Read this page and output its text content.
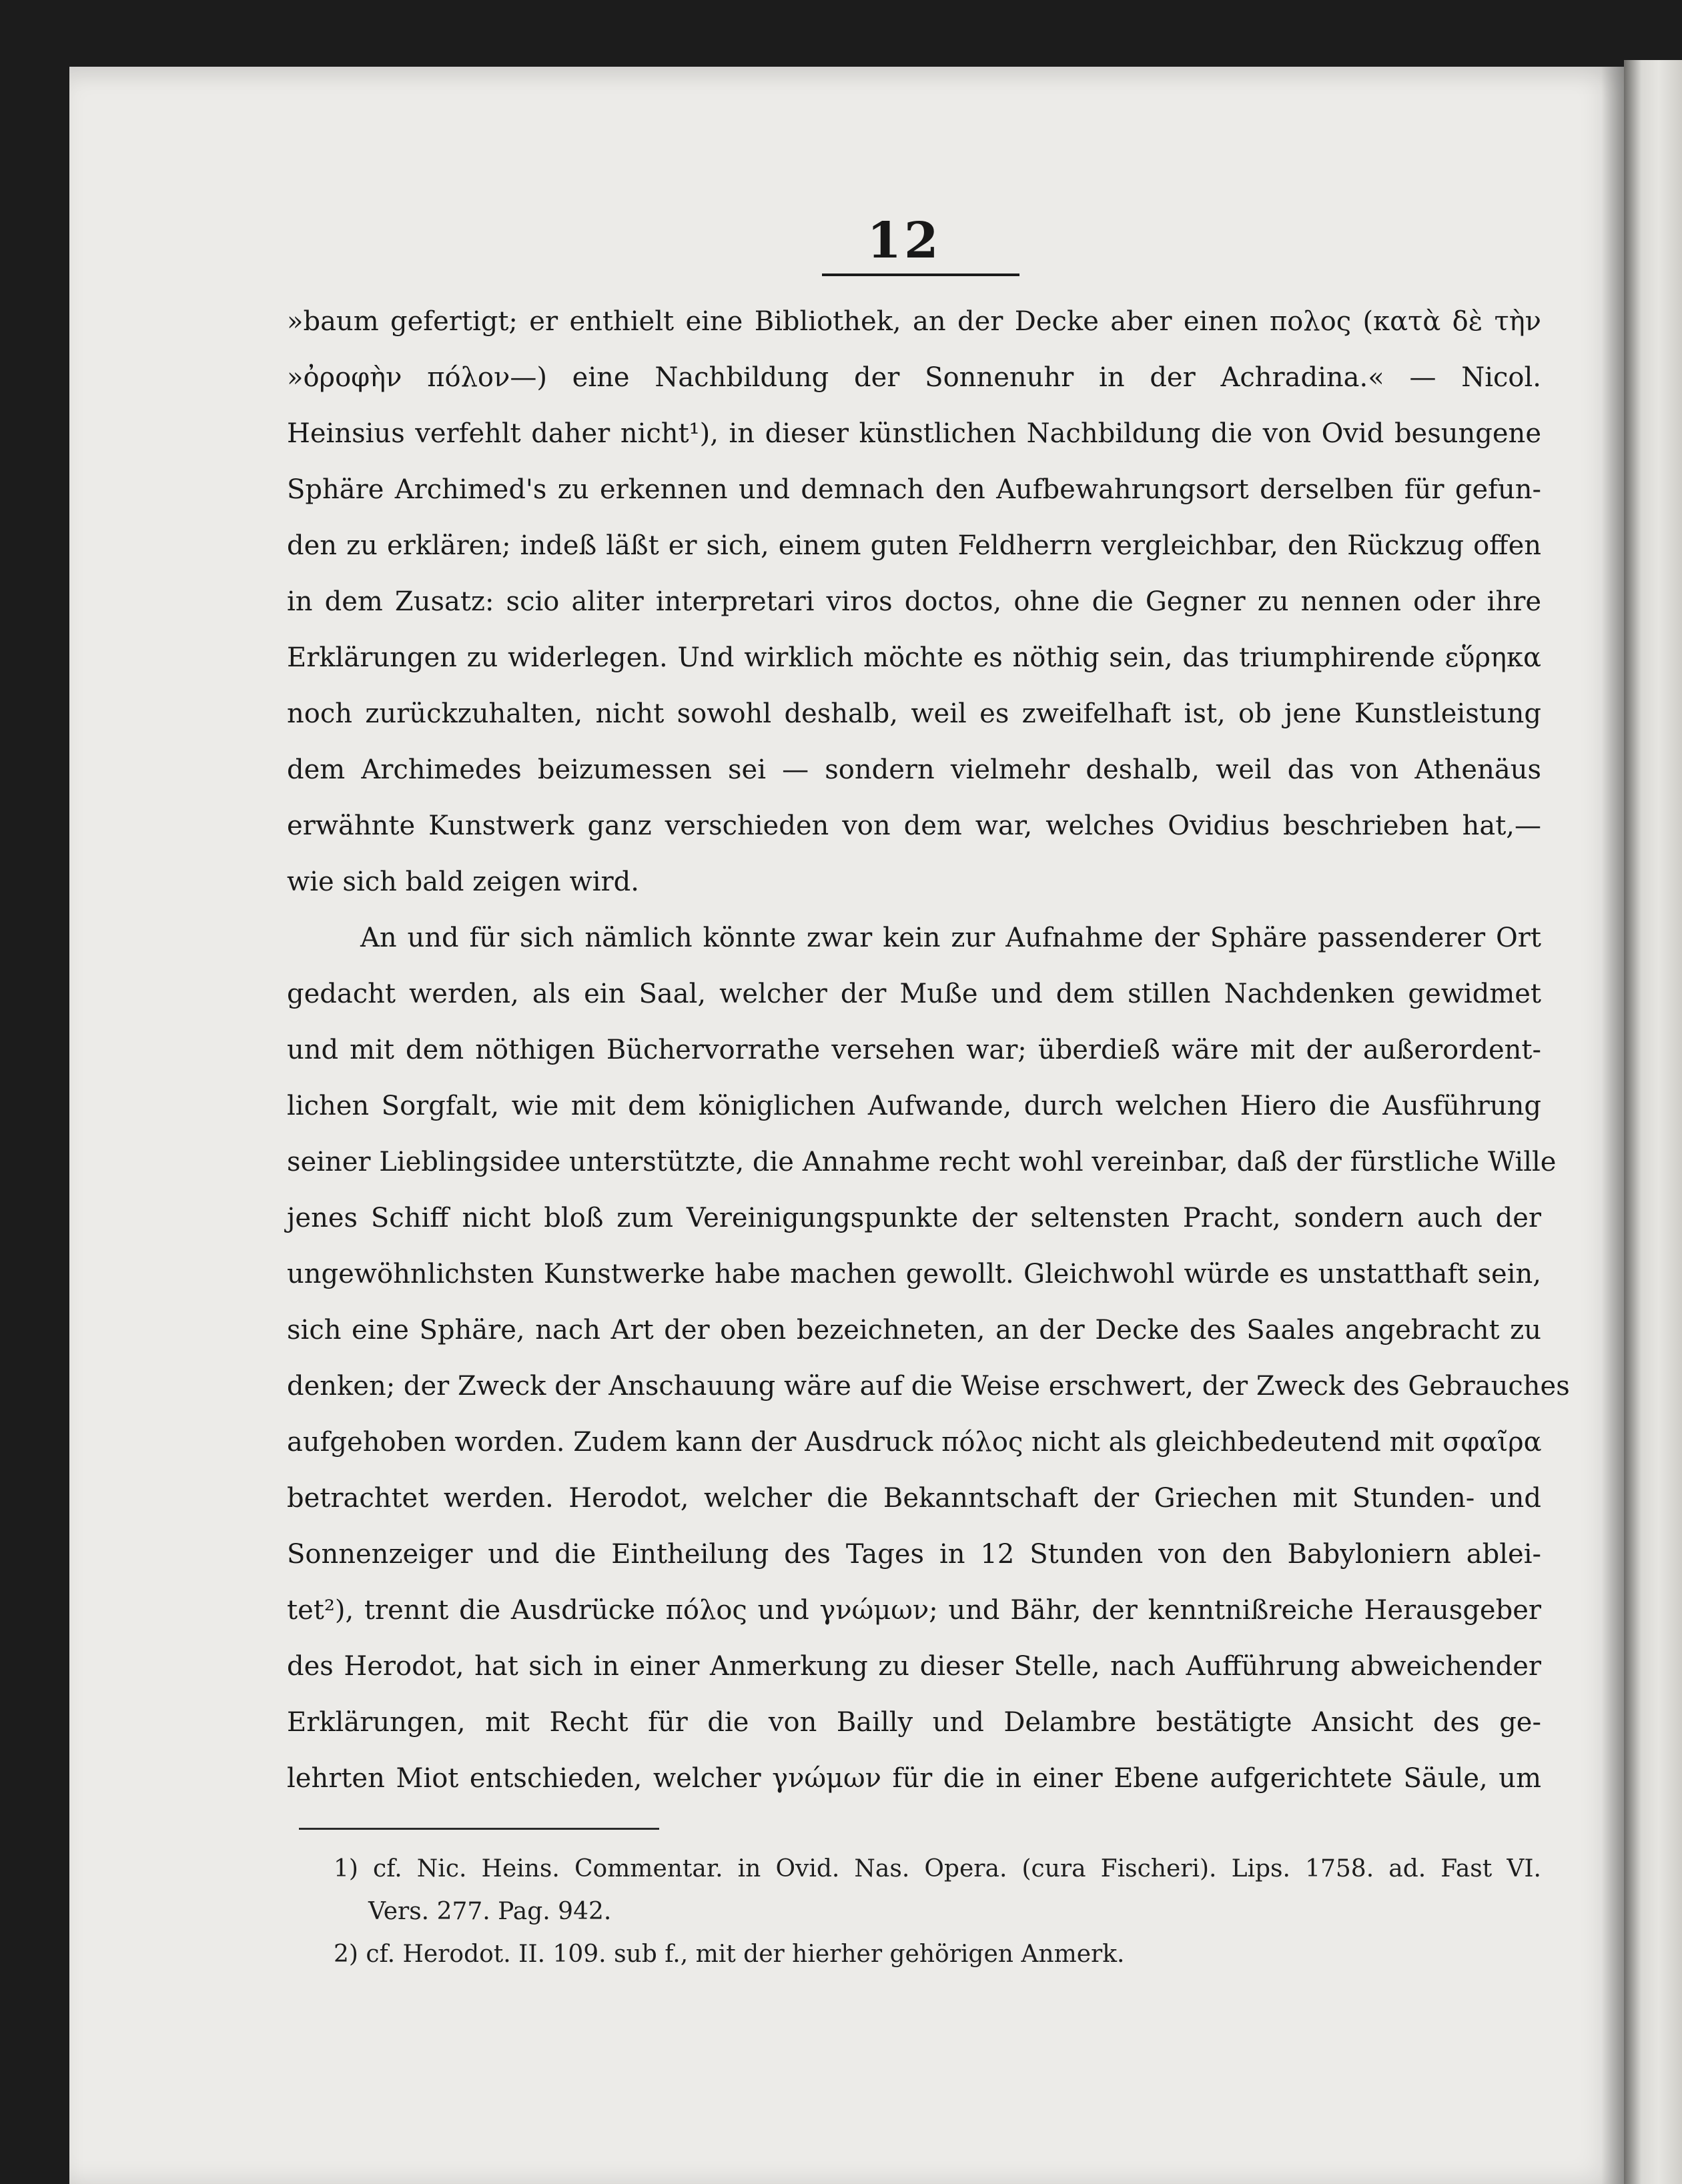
12
»baum gefertigt; er enthielt eine Bibliothek, an der Decke aber einen πολος (κατὰ δὲ τὴν
»ὀροφὴν πόλον—) eine Nachbildung der Sonnenuhr in der Achradina.« — Nicol.
Heinsius verfehlt daher nicht¹), in dieser künstlichen Nachbildung die von Ovid besungene
Sphäre Archimed's zu erkennen und demnach den Aufbewahrungsort derselben für gefun-
den zu erklären; indeß läßt er sich, einem guten Feldherrn vergleichbar, den Rückzug offen
in dem Zusatz: scio aliter interpretari viros doctos, ohne die Gegner zu nennen oder ihre
Erklärungen zu widerlegen. Und wirklich möchte es nöthig sein, das triumphirende εὕρηκα
noch zurückzuhalten, nicht sowohl deshalb, weil es zweifelhaft ist, ob jene Kunstleistung
dem Archimedes beizumessen sei — sondern vielmehr deshalb, weil das von Athenäus
erwähnte Kunstwerk ganz verschieden von dem war, welches Ovidius beschrieben hat,—
wie sich bald zeigen wird.
An und für sich nämlich könnte zwar kein zur Aufnahme der Sphäre passenderer Ort
gedacht werden, als ein Saal, welcher der Muße und dem stillen Nachdenken gewidmet
und mit dem nöthigen Büchervorrathe versehen war; überdieß wäre mit der außerordent-
lichen Sorgfalt, wie mit dem königlichen Aufwande, durch welchen Hiero die Ausführung
seiner Lieblingsidee unterstützte, die Annahme recht wohl vereinbar, daß der fürstliche Wille
jenes Schiff nicht bloß zum Vereinigungspunkte der seltensten Pracht, sondern auch der
ungewöhnlichsten Kunstwerke habe machen gewollt. Gleichwohl würde es unstatthaft sein,
sich eine Sphäre, nach Art der oben bezeichneten, an der Decke des Saales angebracht zu
denken; der Zweck der Anschauung wäre auf die Weise erschwert, der Zweck des Gebrauches
aufgehoben worden. Zudem kann der Ausdruck πόλος nicht als gleichbedeutend mit σφαῖρα
betrachtet werden. Herodot, welcher die Bekanntschaft der Griechen mit Stunden- und
Sonnenzeiger und die Eintheilung des Tages in 12 Stunden von den Babyloniern ablei-
tet²), trennt die Ausdrücke πόλος und γνώμων; und Bähr, der kenntnißreiche Herausgeber
des Herodot, hat sich in einer Anmerkung zu dieser Stelle, nach Aufführung abweichender
Erklärungen, mit Recht für die von Bailly und Delambre bestätigte Ansicht des ge-
lehrten Miot entschieden, welcher γνώμων für die in einer Ebene aufgerichtete Säule, um
1) cf. Nic. Heins. Commentar. in Ovid. Nas. Opera. (cura Fischeri). Lips. 1758. ad. Fast VI.
Vers. 277. Pag. 942.
2) cf. Herodot. II. 109. sub f., mit der hierher gehörigen Anmerk.
